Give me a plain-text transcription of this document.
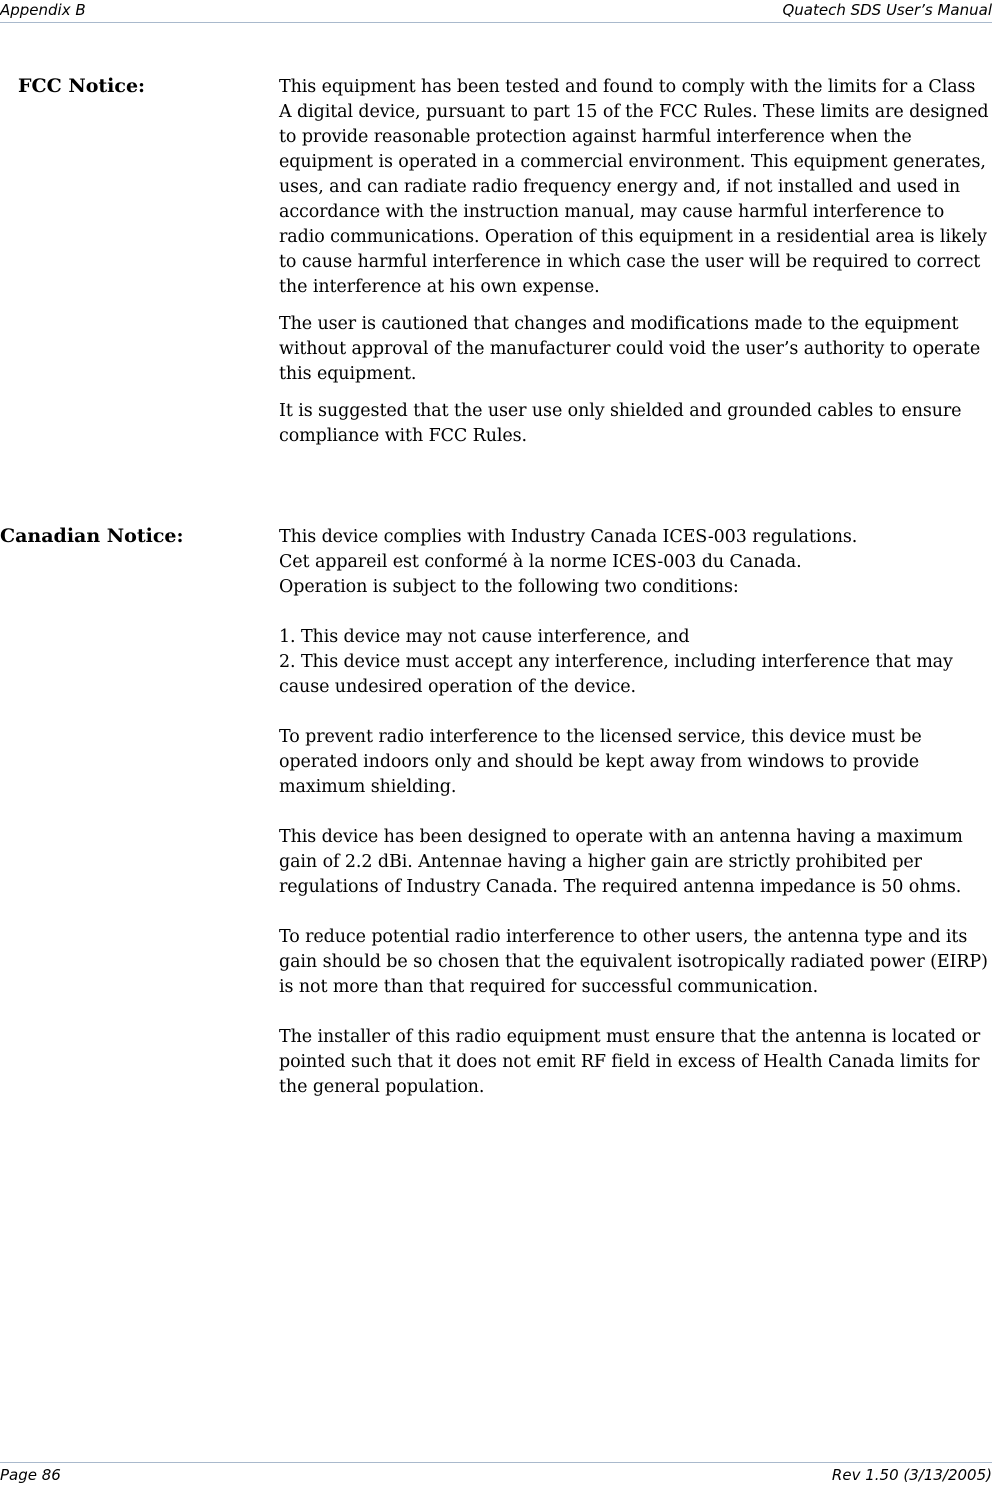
Appendix B	Quatech SDS User’s Manual
FCC Notice:	This equipment has been tested and found to comply with the limits for a Class A digital device, pursuant to part 15 of the FCC Rules. These limits are designed to provide reasonable protection against harmful interference when the equipment is operated in a commercial environment. This equipment generates, uses, and can radiate radio frequency energy and, if not installed and used in accordance with the instruction manual, may cause harmful interference to radio communications. Operation of this equipment in a residential area is likely to cause harmful interference in which case the user will be required to correct the interference at his own expense.
The user is cautioned that changes and modifications made to the equipment without approval of the manufacturer could void the user’s authority to operate this equipment.
It is suggested that the user use only shielded and grounded cables to ensure compliance with FCC Rules.
Canadian Notice:	This device complies with Industry Canada ICES-003 regulations.
Cet appareil est conformé à la norme ICES-003 du Canada.
Operation is subject to the following two conditions:
1. This device may not cause interference, and
2. This device must accept any interference, including interference that may cause undesired operation of the device.
To prevent radio interference to the licensed service, this device must be operated indoors only and should be kept away from windows to provide maximum shielding.
This device has been designed to operate with an antenna having a maximum gain of 2.2 dBi. Antennae having a higher gain are strictly prohibited per regulations of Industry Canada. The required antenna impedance is 50 ohms.
To reduce potential radio interference to other users, the antenna type and its gain should be so chosen that the equivalent isotropically radiated power (EIRP) is not more than that required for successful communication.
The installer of this radio equipment must ensure that the antenna is located or pointed such that it does not emit RF field in excess of Health Canada limits for the general population.
Page 86	Rev 1.50 (3/13/2005)
